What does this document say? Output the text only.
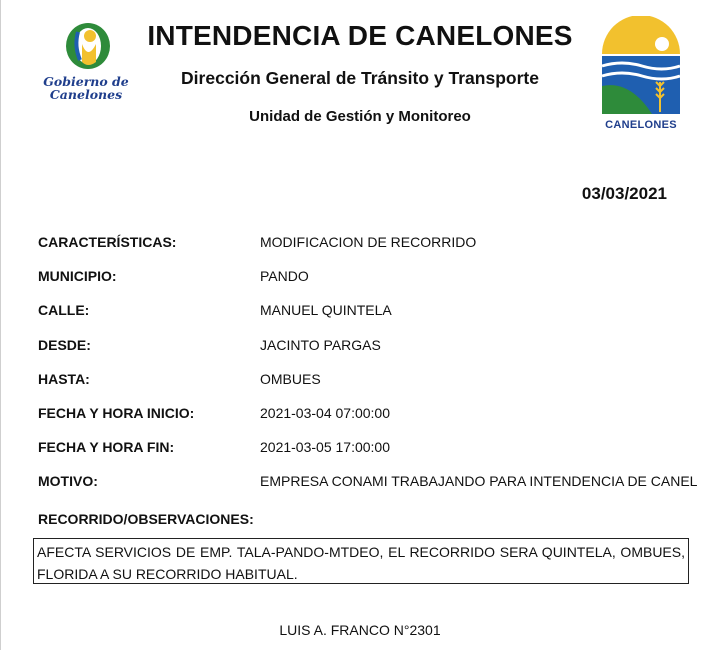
Gobierno de Canelones
INTENDENCIA DE CANELONES
Dirección General de Tránsito y Transporte
Unidad de Gestión y Monitoreo	CANELONES
03/03/2021
CARACTERÍSTICAS:	MODIFICACION DE RECORRIDO
MUNICIPIO:	PANDO
CALLE:	MANUEL QUINTELA
DESDE:	JACINTO PARGAS
HASTA:	OMBUES
FECHA Y HORA INICIO:	2021-03-04 07:00:00
FECHA Y HORA FIN:	2021-03-05 17:00:00
MOTIVO:	EMPRESA CONAMI TRABAJANDO PARA INTENDENCIA DE CANEL
RECORRIDO/OBSERVACIONES:
AFECTA SERVICIOS DE EMP. TALA-PANDO-MTDEO, EL RECORRIDO SERA QUINTELA, OMBUES, FLORIDA A SU RECORRIDO HABITUAL.
LUIS A. FRANCO N°2301
